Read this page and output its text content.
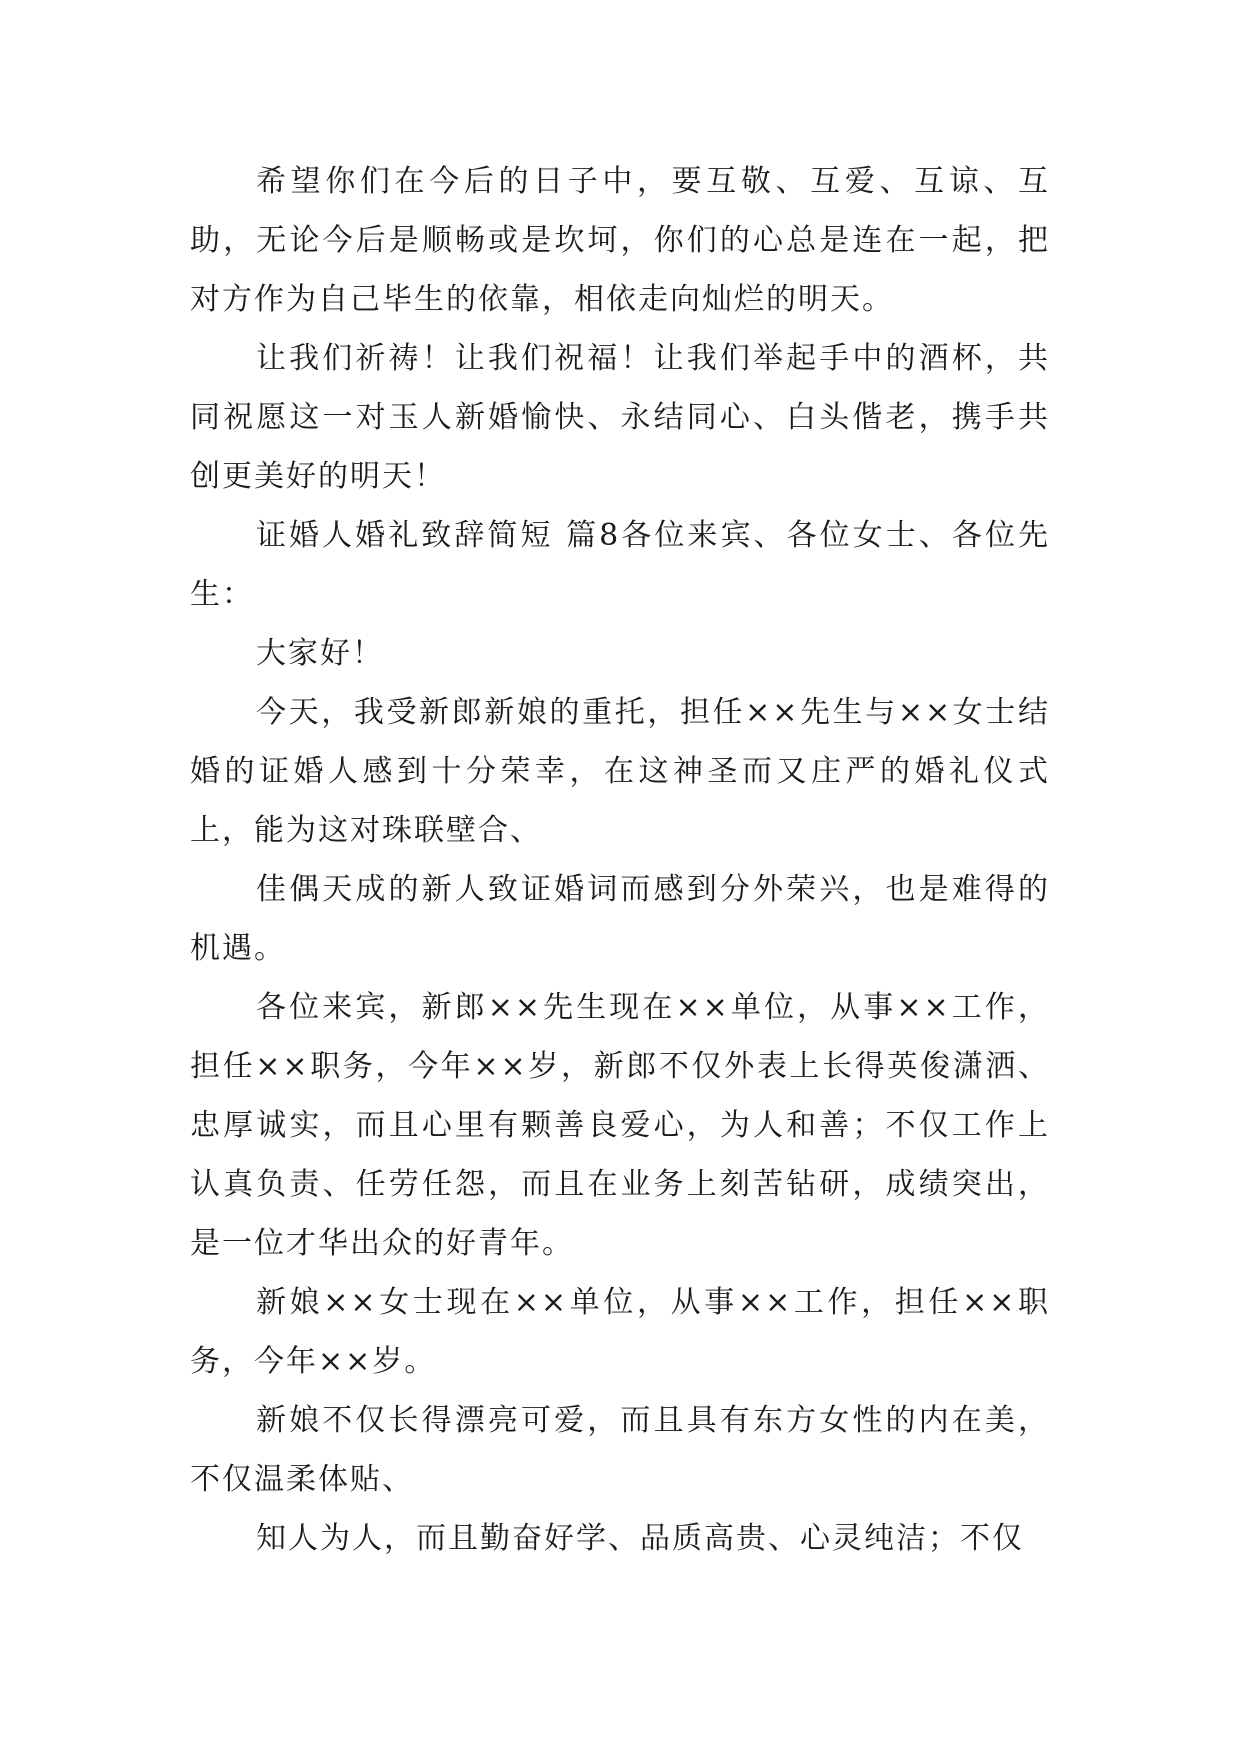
希望你们在今后的日子中，要互敬、互爱、互谅、互助，无论今后是顺畅或是坎坷，你们的心总是连在一起，把对方作为自己毕生的依靠，相依走向灿烂的明天。

让我们祈祷！让我们祝福！让我们举起手中的酒杯，共同祝愿这一对玉人新婚愉快、永结同心、白头偕老，携手共创更美好的明天！

证婚人婚礼致辞简短 篇8各位来宾、各位女士、各位先生：

大家好！

今天，我受新郎新娘的重托，担任××先生与××女士结婚的证婚人感到十分荣幸，在这神圣而又庄严的婚礼仪式上，能为这对珠联壁合、

佳偶天成的新人致证婚词而感到分外荣兴，也是难得的机遇。

各位来宾，新郎××先生现在××单位，从事××工作，担任××职务，今年××岁，新郎不仅外表上长得英俊潇洒、忠厚诚实，而且心里有颗善良爱心，为人和善；不仅工作上认真负责、任劳任怨，而且在业务上刻苦钻研，成绩突出，是一位才华出众的好青年。

新娘××女士现在××单位，从事××工作，担任××职务，今年××岁。

新娘不仅长得漂亮可爱，而且具有东方女性的内在美，不仅温柔体贴、

知人为人，而且勤奋好学、品质高贵、心灵纯洁；不仅
